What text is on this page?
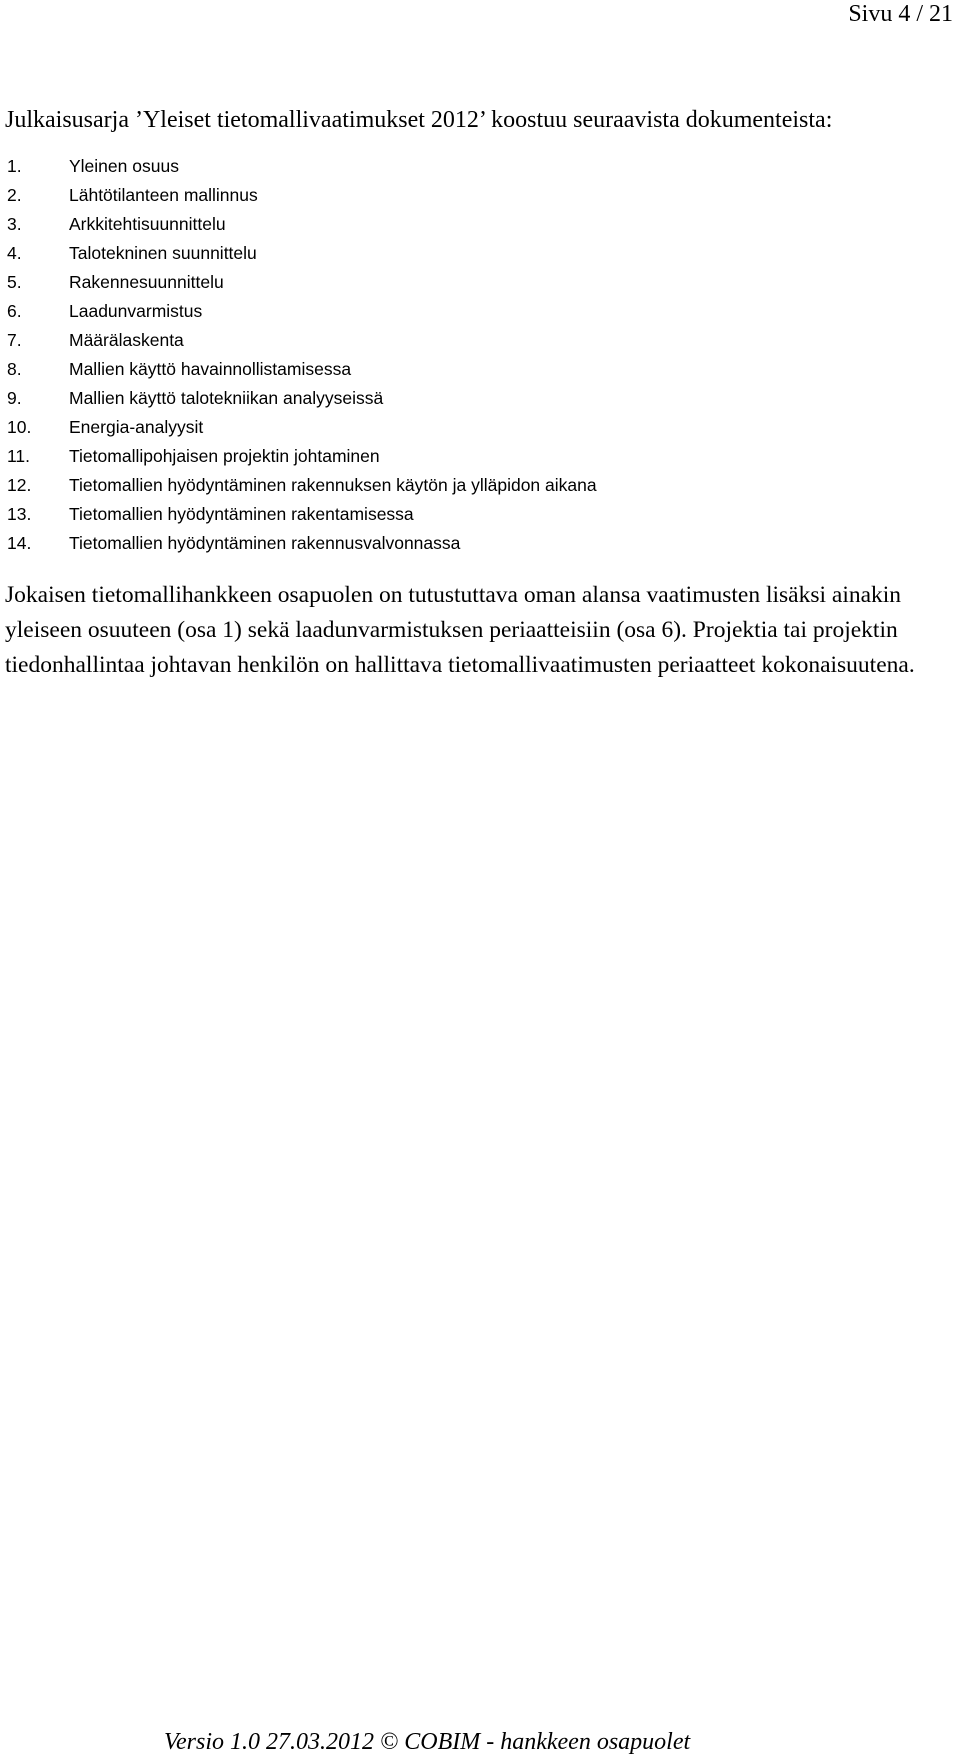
Sivu 4 / 21
Julkaisusarja ’Yleiset tietomallivaatimukset 2012’ koostuu seuraavista dokumenteista:
1.	Yleinen osuus
2.	Lähtötilanteen mallinnus
3.	Arkkitehtisuunnittelu
4.	Talotekninen suunnittelu
5.	Rakennesuunnittelu
6.	Laadunvarmistus
7.	Määrälaskenta
8.	Mallien käyttö havainnollistamisessa
9.	Mallien käyttö talotekniikan analyyseissä
10.	Energia-analyysit
11.	Tietomallipohjaisen projektin johtaminen
12.	Tietomallien hyödyntäminen rakennuksen käytön ja ylläpidon aikana
13.	Tietomallien hyödyntäminen rakentamisessa
14.	Tietomallien hyödyntäminen rakennusvalvonnassa

Jokaisen tietomallihankkeen osapuolen on tutustuttava oman alansa vaatimusten lisäksi ainakin yleiseen osuuteen (osa 1) sekä laadunvarmistuksen periaatteisiin (osa 6). Projektia tai projektin tiedonhallintaa johtavan henkilön on hallittava tietomallivaatimusten periaatteet kokonaisuutena.

Versio 1.0 27.03.2012 © COBIM - hankkeen osapuolet
